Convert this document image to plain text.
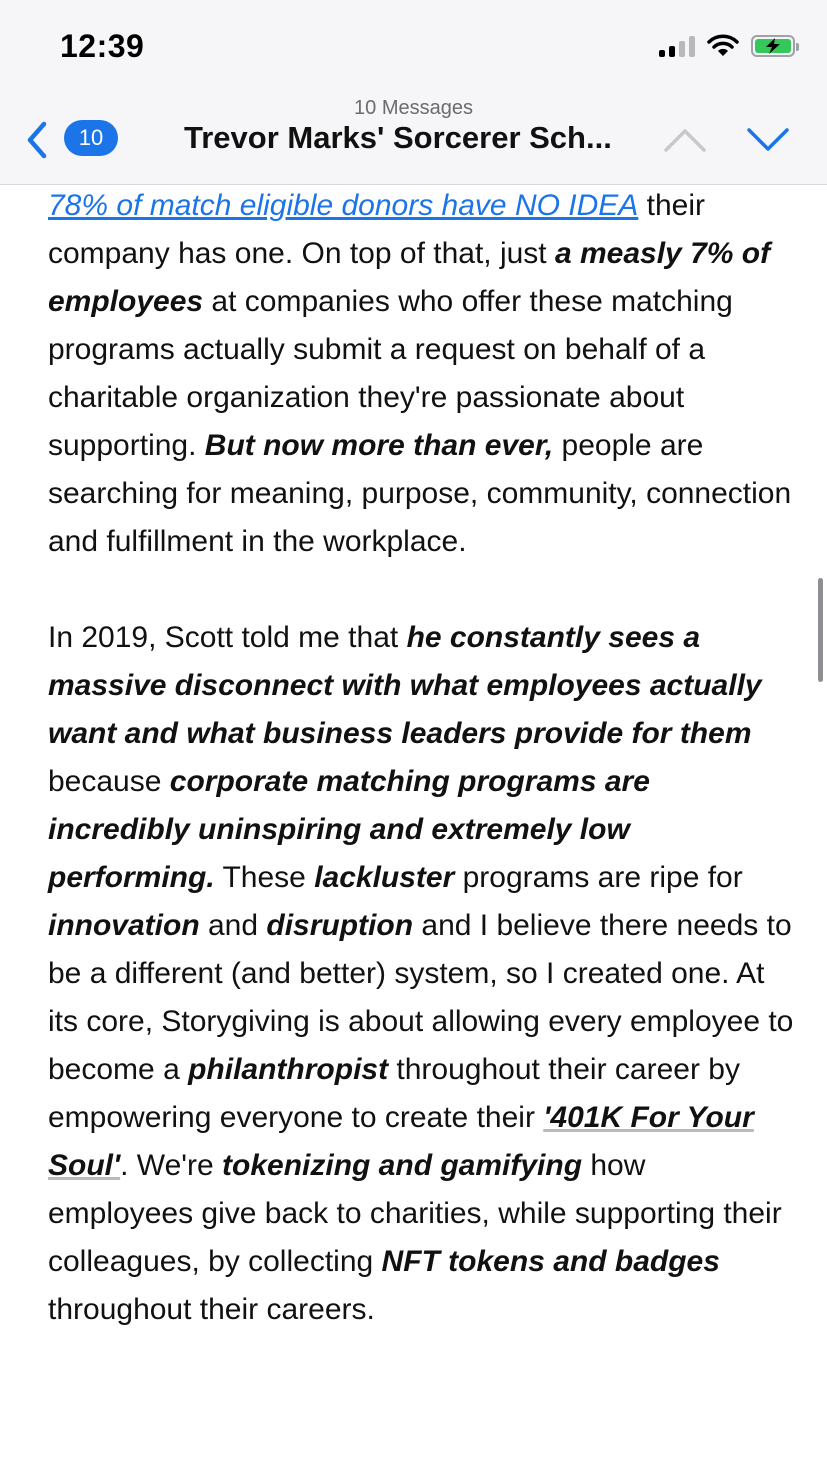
12:39
10
10 Messages
Trevor Marks' Sorcerer Sch...

78% of match eligible donors have NO IDEA their company has one. On top of that, just a measly 7% of employees at companies who offer these matching programs actually submit a request on behalf of a charitable organization they're passionate about supporting. But now more than ever, people are searching for meaning, purpose, community, connection and fulfillment in the workplace.

In 2019, Scott told me that he constantly sees a massive disconnect with what employees actually want and what business leaders provide for them because corporate matching programs are incredibly uninspiring and extremely low performing. These lackluster programs are ripe for innovation and disruption and I believe there needs to be a different (and better) system, so I created one. At its core, Storygiving is about allowing every employee to become a philanthropist throughout their career by empowering everyone to create their '401K For Your Soul'. We're tokenizing and gamifying how employees give back to charities, while supporting their colleagues, by collecting NFT tokens and badges throughout their careers.
